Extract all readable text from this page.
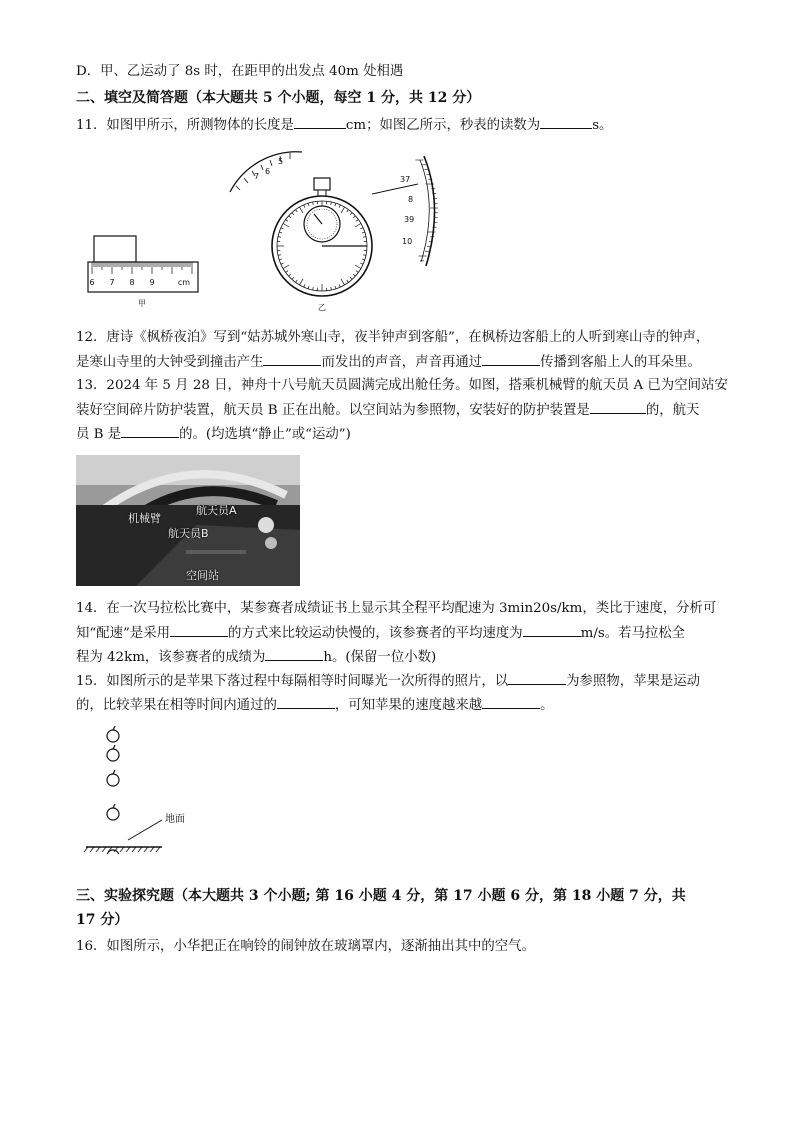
D．甲、乙运动了 8s 时，在距甲的出发点 40m 处相遇
二、填空及简答题（本大题共 5 个小题，每空 1 分，共 12 分）
11．如图甲所示，所测物体的长度是	cm；如图乙所示，秒表的读数为	s。
6 7 8 9	cm
甲
7
6
5
乙
37
8
39
10
12．唐诗《枫桥夜泊》写到“姑苏城外寒山寺，夜半钟声到客船”，在枫桥边客船上的人听到寒山寺的钟声，
是寒山寺里的大钟受到撞击产生	而发出的声音，声音再通过	传播到客船上人的耳朵里。
13．2024 年 5 月 28 日，神舟十八号航天员圆满完成出舱任务。如图，搭乘机械臂的航天员 A 已为空间站安
装好空间碎片防护装置，航天员 B 正在出舱。以空间站为参照物，安装好的防护装置是	的，航天
员 B 是	的。(均选填“静止”或“运动”)
机械臂
航天员A
航天员B
空间站
14．在一次马拉松比赛中，某参赛者成绩证书上显示其全程平均配速为 3min20s/km，类比于速度，分析可
知“配速”是采用	的方式来比较运动快慢的，该参赛者的平均速度为	m/s。若马拉松全
程为 42km，该参赛者的成绩为	h。(保留一位小数)
15．如图所示的是苹果下落过程中每隔相等时间曝光一次所得的照片，以	为参照物，苹果是运动
的，比较苹果在相等时间内通过的	，可知苹果的速度越来越	。
地面
三、实验探究题（本大题共 3 个小题; 第 16 小题 4 分，第 17 小题 6 分，第 18 小题 7 分，共
17 分）
16．如图所示，小华把正在响铃的闹钟放在玻璃罩内，逐渐抽出其中的空气。
